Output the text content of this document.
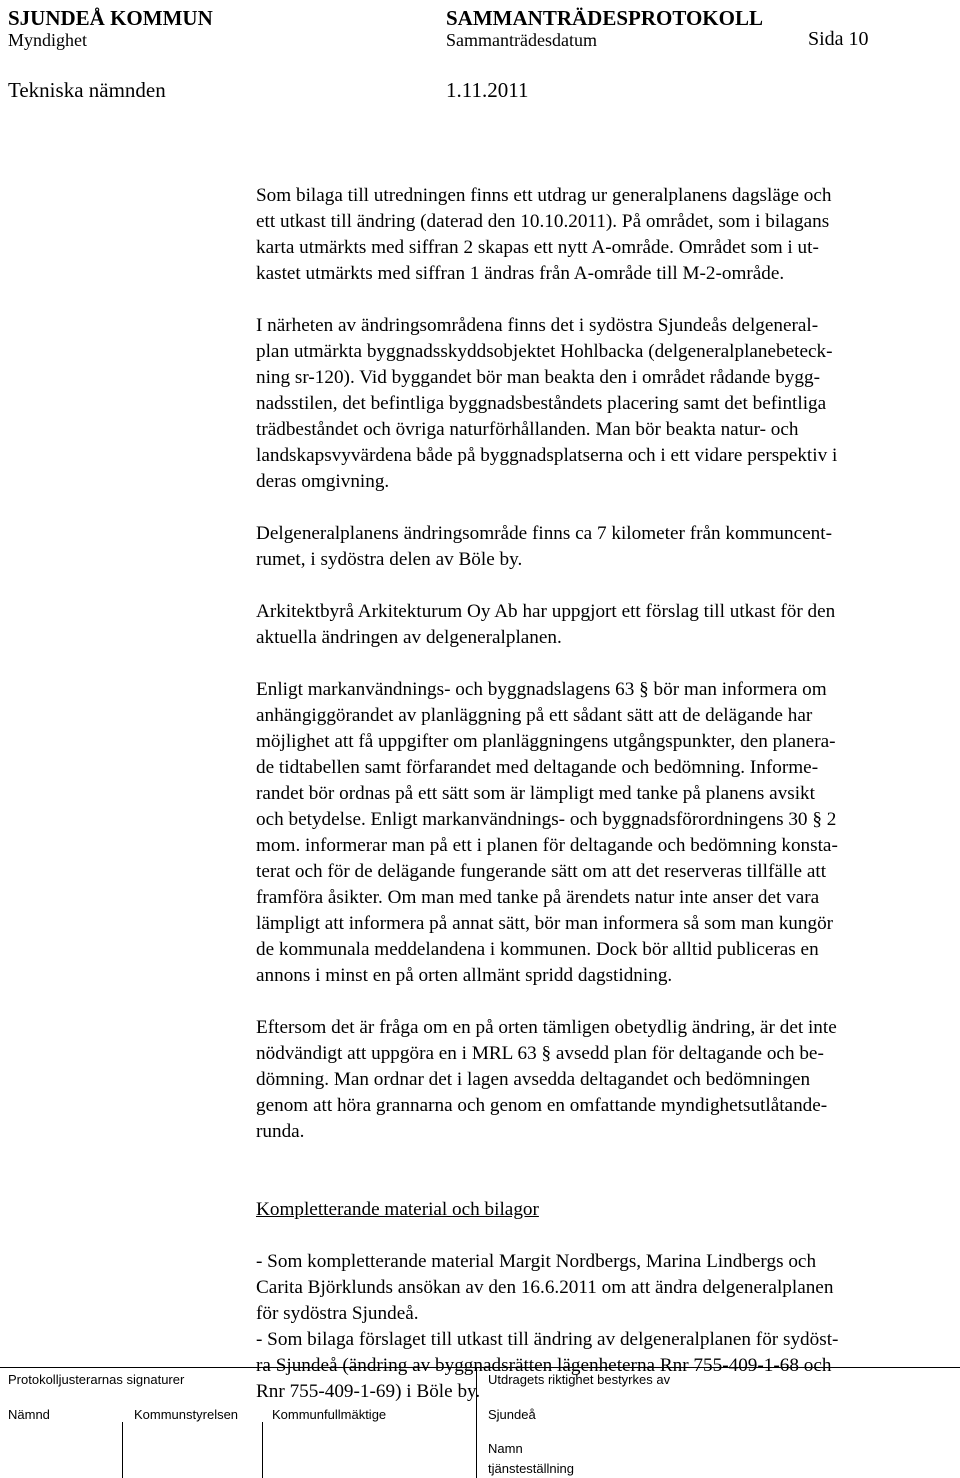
SJUNDEÅ KOMMUN	SAMMANTRÄDESPROTOKOLL
Myndighet	Sammanträdesdatum	Sida 10
Tekniska nämnden	1.11.2011

Som bilaga till utredningen finns ett utdrag ur generalplanens dagsläge och
ett utkast till ändring (daterad den 10.10.2011). På området, som i bilagans
karta utmärkts med siffran 2 skapas ett nytt A-område. Området som i ut-
kastet utmärkts med siffran 1 ändras från A-område till M-2-område.

I närheten av ändringsområdena finns det i sydöstra Sjundeås delgeneral-
plan utmärkta byggnadsskyddsobjektet Hohlbacka (delgeneralplanebeteck-
ning sr-120). Vid byggandet bör man beakta den i området rådande bygg-
nadsstilen, det befintliga byggnadsbeståndets placering samt det befintliga
trädbeståndet och övriga naturförhållanden. Man bör beakta natur- och
landskapsvyvärdena både på byggnadsplatserna och i ett vidare perspektiv i
deras omgivning.

Delgeneralplanens ändringsområde finns ca 7 kilometer från kommuncent-
rumet, i sydöstra delen av Böle by.

Arkitektbyrå Arkitekturum Oy Ab har uppgjort ett förslag till utkast för den
aktuella ändringen av delgeneralplanen.

Enligt markanvändnings- och byggnadslagens 63 § bör man informera om
anhängiggörandet av planläggning på ett sådant sätt att de delägande har
möjlighet att få uppgifter om planläggningens utgångspunkter, den planera-
de tidtabellen samt förfarandet med deltagande och bedömning. Informe-
randet bör ordnas på ett sätt som är lämpligt med tanke på planens avsikt
och betydelse. Enligt markanvändnings- och byggnadsförordningens 30 § 2
mom. informerar man på ett i planen för deltagande och bedömning konsta-
terat och för de delägande fungerande sätt om att det reserveras tillfälle att
framföra åsikter. Om man med tanke på ärendets natur inte anser det vara
lämpligt att informera på annat sätt, bör man informera så som man kungör
de kommunala meddelandena i kommunen. Dock bör alltid publiceras en
annons i minst en på orten allmänt spridd dagstidning.

Eftersom det är fråga om en på orten tämligen obetydlig ändring, är det inte
nödvändigt att uppgöra en i MRL 63 § avsedd plan för deltagande och be-
dömning. Man ordnar det i lagen avsedda deltagandet och bedömningen
genom att höra grannarna och genom en omfattande myndighetsutlåtande-
runda.

Kompletterande material och bilagor

- Som kompletterande material Margit Nordbergs, Marina Lindbergs och
Carita Björklunds ansökan av den 16.6.2011 om att ändra delgeneralplanen
för sydöstra Sjundeå.
- Som bilaga förslaget till utkast till ändring av delgeneralplanen för sydöst-
ra Sjundeå (ändring av byggnadsrätten lägenheterna Rnr 755-409-1-68 och
Rnr 755-409-1-69) i Böle by.

Protokolljusterarnas signaturer
Nämnd	Kommunstyrelsen	Kommunfullmäktige
Utdragets riktighet bestyrkes av
Sjundeå
Namn
tjänsteställning
